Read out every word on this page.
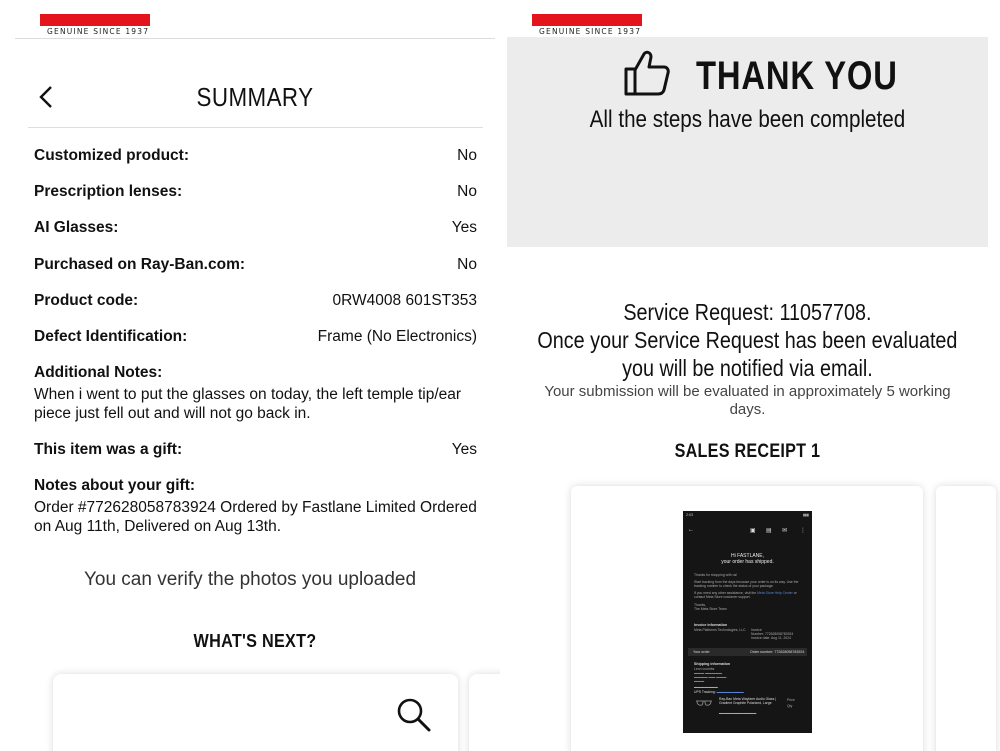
GENUINE SINCE 1937
SUMMARY
Customized product:	No
Prescription lenses:	No
AI Glasses:	Yes
Purchased on Ray-Ban.com:	No
Product code:	0RW4008 601ST353
Defect Identification:	Frame (No Electronics)
Additional Notes:
When i went to put the glasses on today, the left temple tip/ear piece just fell out and will not go back in.
This item was a gift:	Yes
Notes about your gift:
Order #772628058783924 Ordered by Fastlane Limited Ordered on Aug 11th, Delivered on Aug 13th.
You can verify the photos you uploaded
WHAT'S NEXT?
GENUINE SINCE 1937
THANK YOU
All the steps have been completed
Service Request: 11057708.
Once your Service Request has been evaluated
you will be notified via email.
Your submission will be evaluated in approximately 5 working days.
SALES RECEIPT 1
2:03	▮▮▮
←	▣ ▤ ✉ ⋮
Hi FASTLANE,
your order has shipped.
Thanks for shopping with us!
Start tracking from the days because your order is on its way. Use the tracking number to check the status of your package.
If you need any other assistance, visit the Meta Store Help Center or contact Meta Store customer support.
Thanks,
The Meta Store Team
Invoice information
Meta Platforms Technologies, LLC	Invoice
Number: 772628058783924
Invoice date: Aug 11, 2024
Your order	Order number: 772628058783924
Shipping information
Leon coombs
▬▬▬ ▬▬▬▬▬
▬▬▬▬ ▬▬ ▬▬▬
▬▬▬
▬▬▬▬▬▬▬
UPS Tracking: ▬▬▬▬▬▬▬▬
Ray-Ban Meta Wayfarer Audio Glass | Gradient Graphite Polarized, Large
Price
Qty
▬▬▬▬▬▬▬▬▬▬▬
